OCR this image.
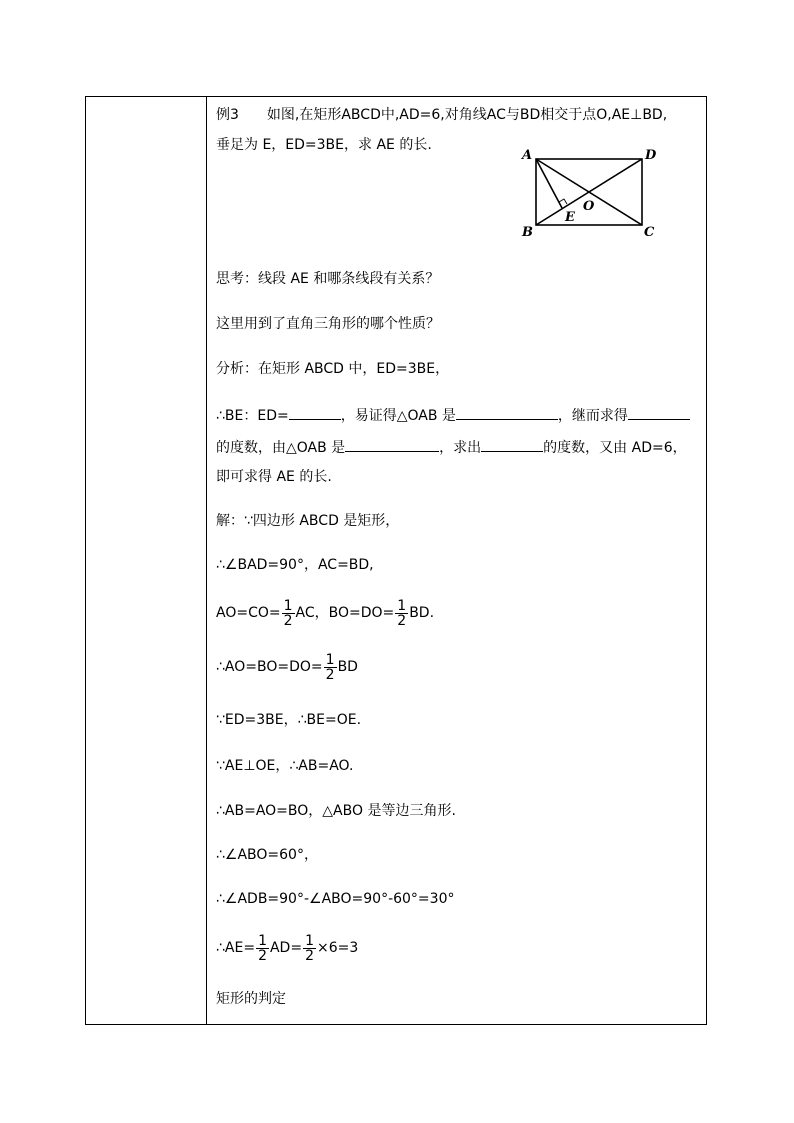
例3　　如图,在矩形ABCD中,AD=6,对角线AC与BD相交于点O,AE⊥BD,
垂足为 E，ED=3BE，求 AE 的长.
A	D
B	C
E
O
思考：线段 AE 和哪条线段有关系？
这里用到了直角三角形的哪个性质？
分析：在矩形 ABCD 中，ED=3BE，
∴BE：ED=	，易证得△OAB 是	，继而求得
的度数，由△OAB 是	，求出	的度数，又由 AD=6，
即可求得 AE 的长.
解：∵四边形 ABCD 是矩形，
∴∠BAD=90°，AC=BD,
$AO=CO= \frac{1}{2}$ AC，$BO=DO= \frac{1}{2}$ BD.
∴AO=BO=DO= $\frac{1}{2}$ BD
∵ED=3BE，∴BE=OE.
∵AE⊥OE，∴AB=AO.
∴AB=AO=BO，△ABO 是等边三角形.
∴∠ABO=60°，
∴∠ADB=90°-∠ABO=90°-60°=30°
∴AE= $\frac{1}{2} AD= \frac{1}{2} \times 6=3$
矩形的判定
